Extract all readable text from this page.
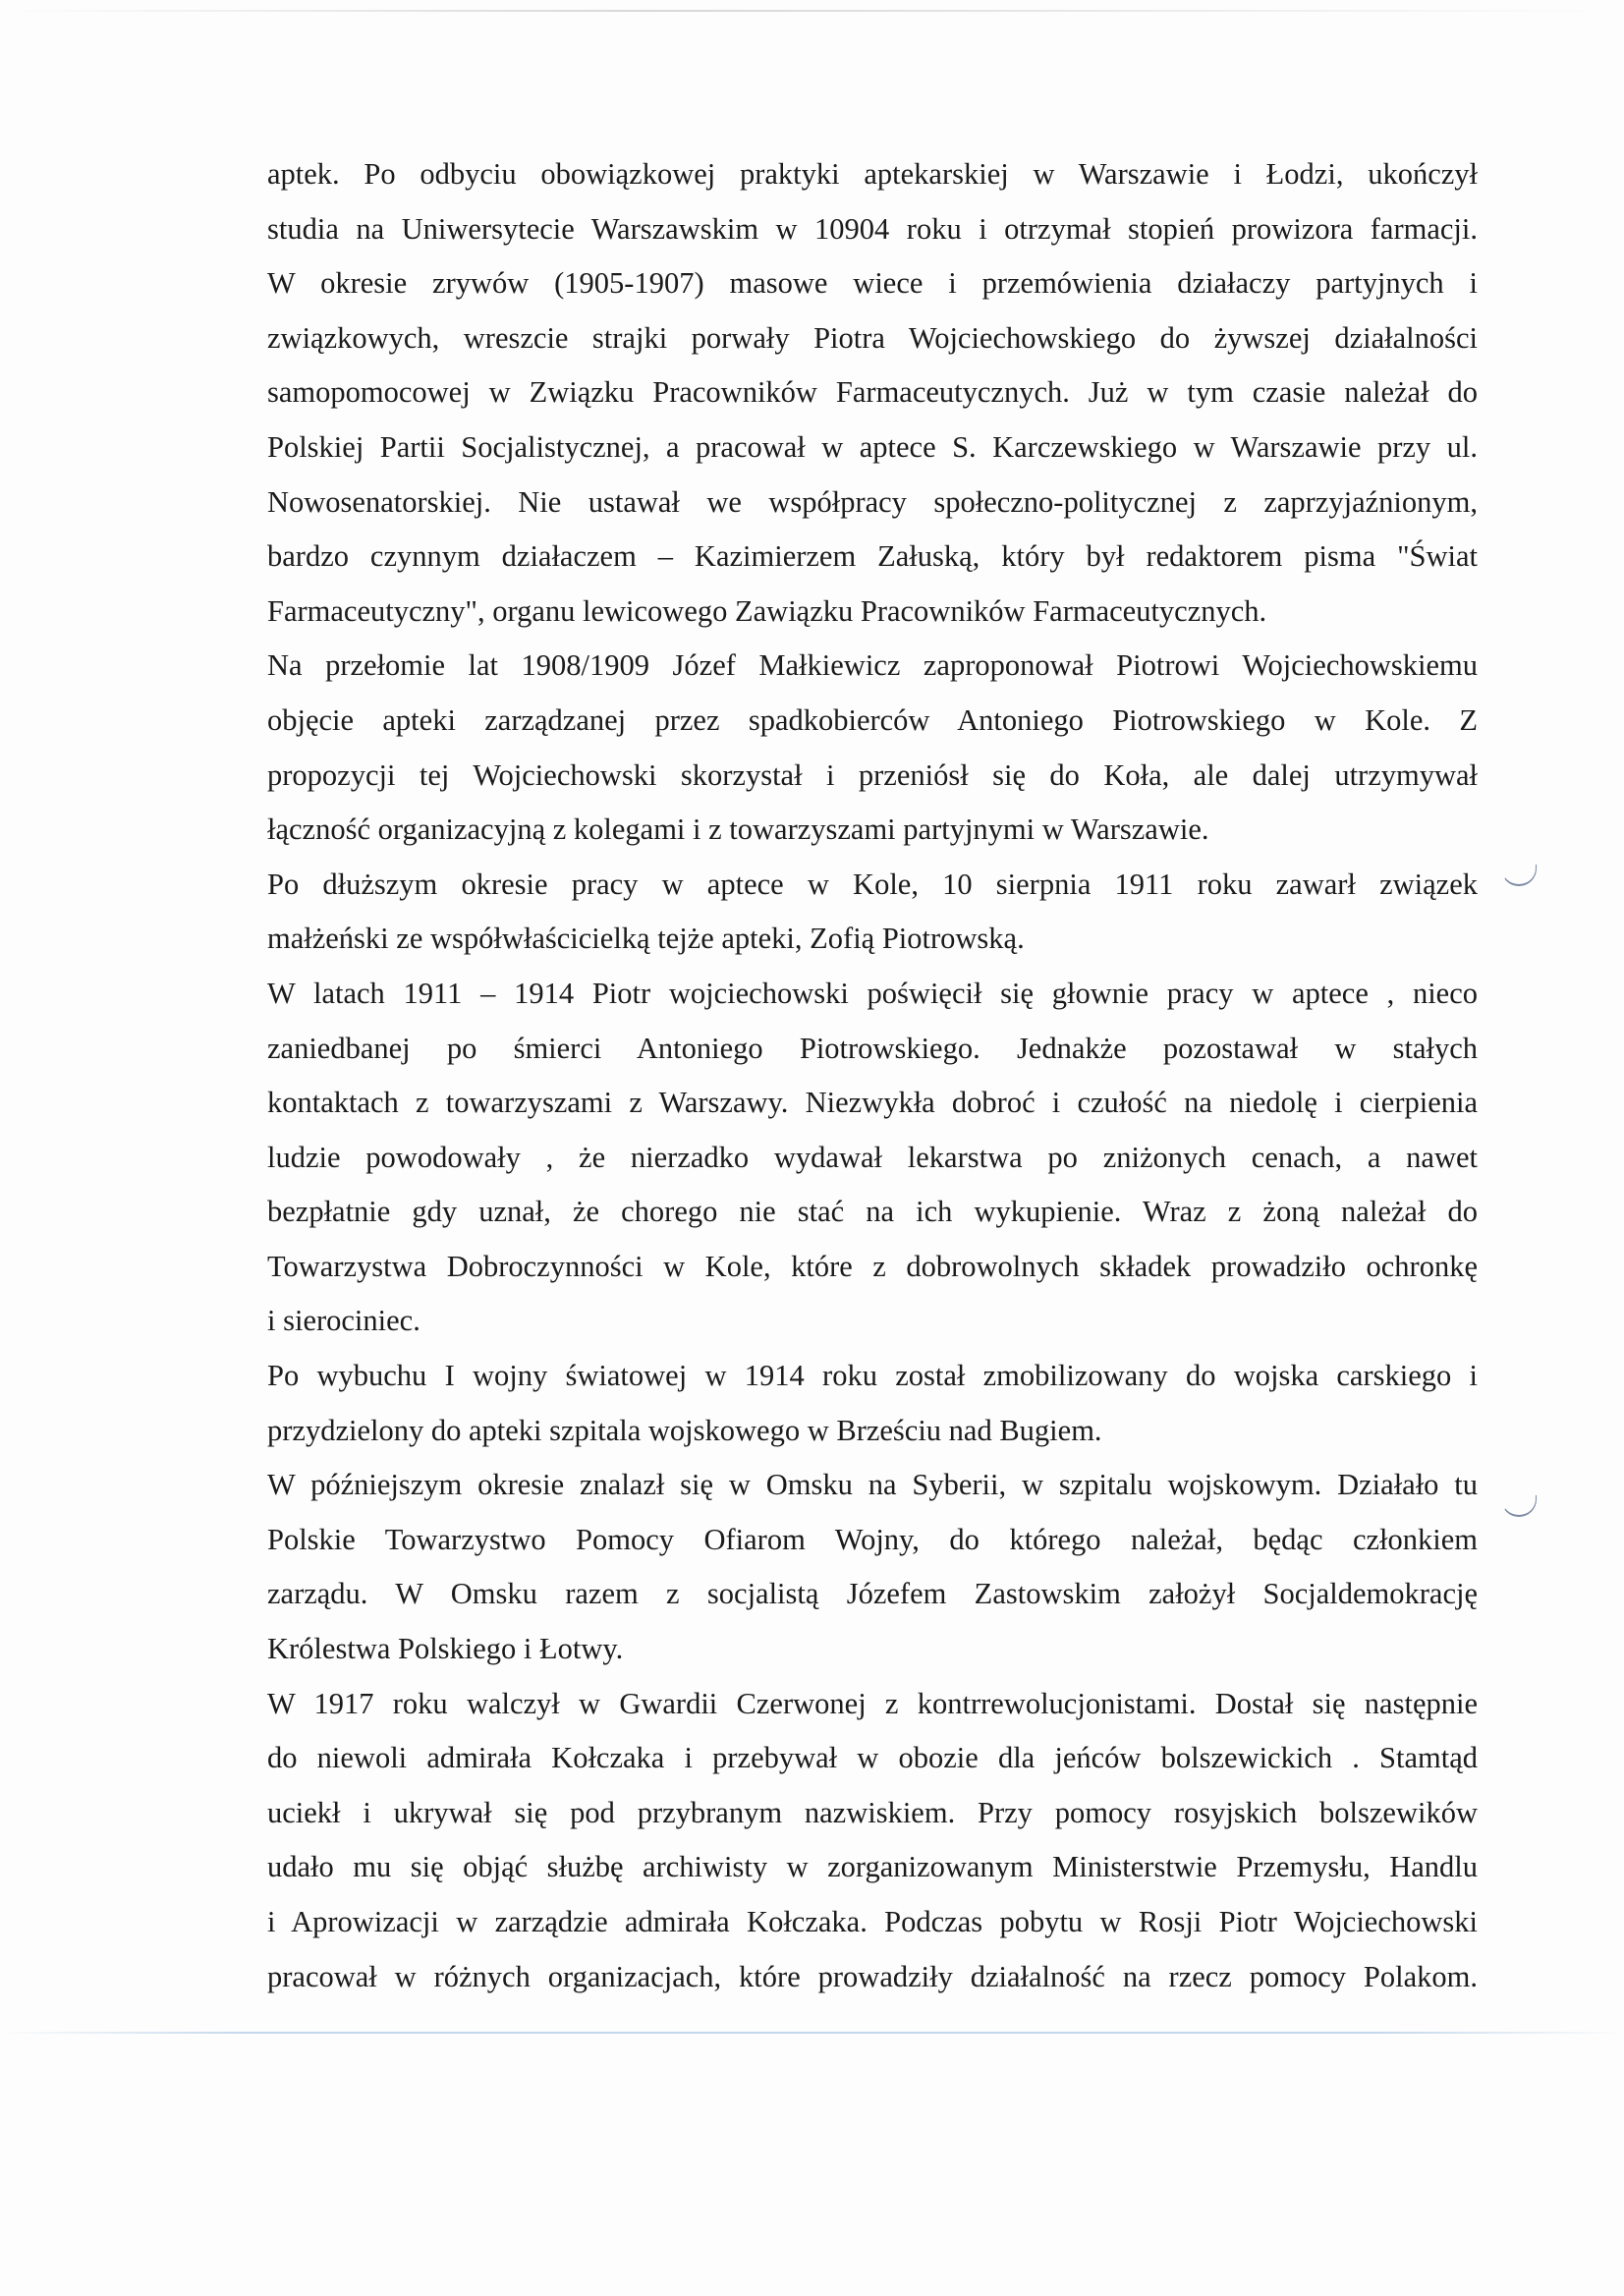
aptek. Po odbyciu obowiązkowej praktyki aptekarskiej w Warszawie i Łodzi, ukończył
studia na Uniwersytecie Warszawskim w 10904 roku i otrzymał stopień prowizora farmacji.
W okresie zrywów (1905-1907) masowe wiece i przemówienia działaczy partyjnych i
związkowych, wreszcie strajki porwały Piotra Wojciechowskiego do żywszej działalności
samopomocowej w Związku Pracowników Farmaceutycznych. Już w tym czasie należał do
Polskiej Partii Socjalistycznej, a pracował w aptece S. Karczewskiego w Warszawie przy ul.
Nowosenatorskiej. Nie ustawał we współpracy społeczno-politycznej z zaprzyjaźnionym,
bardzo czynnym działaczem – Kazimierzem Załuską, który był redaktorem pisma "Świat
Farmaceutyczny", organu lewicowego Zawiązku Pracowników Farmaceutycznych.
Na przełomie lat 1908/1909 Józef Małkiewicz zaproponował Piotrowi Wojciechowskiemu
objęcie apteki zarządzanej przez spadkobierców Antoniego Piotrowskiego w Kole. Z
propozycji tej Wojciechowski skorzystał i przeniósł się do Koła, ale dalej utrzymywał
łączność organizacyjną z kolegami i z towarzyszami partyjnymi w Warszawie.
Po dłuższym okresie pracy w aptece w Kole, 10 sierpnia 1911 roku zawarł związek
małżeński ze współwłaścicielką tejże apteki, Zofią Piotrowską.
W latach 1911 – 1914 Piotr wojciechowski poświęcił się głownie pracy w aptece , nieco
zaniedbanej po śmierci Antoniego Piotrowskiego. Jednakże pozostawał w stałych
kontaktach z towarzyszami z Warszawy. Niezwykła dobroć i czułość na niedolę i cierpienia
ludzie powodowały , że nierzadko wydawał lekarstwa po zniżonych cenach, a nawet
bezpłatnie gdy uznał, że chorego nie stać na ich wykupienie. Wraz z żoną należał do
Towarzystwa Dobroczynności w Kole, które z dobrowolnych składek prowadziło ochronkę
i sierociniec.
Po wybuchu I wojny światowej w 1914 roku został zmobilizowany do wojska carskiego i
przydzielony do apteki szpitala wojskowego w Brześciu nad Bugiem.
W późniejszym okresie znalazł się w Omsku na Syberii, w szpitalu wojskowym. Działało tu
Polskie Towarzystwo Pomocy Ofiarom Wojny, do którego należał, będąc członkiem
zarządu. W Omsku razem z socjalistą Józefem Zastowskim założył Socjaldemokrację
Królestwa Polskiego i Łotwy.
W 1917 roku walczył w Gwardii Czerwonej z kontrrewolucjonistami. Dostał się następnie
do niewoli admirała Kołczaka i przebywał w obozie dla jeńców bolszewickich . Stamtąd
uciekł i ukrywał się pod przybranym nazwiskiem. Przy pomocy rosyjskich bolszewików
udało mu się objąć służbę archiwisty w zorganizowanym Ministerstwie Przemysłu, Handlu
i Aprowizacji w zarządzie admirała Kołczaka. Podczas pobytu w Rosji Piotr Wojciechowski
pracował w różnych organizacjach, które prowadziły działalność na rzecz pomocy Polakom.
